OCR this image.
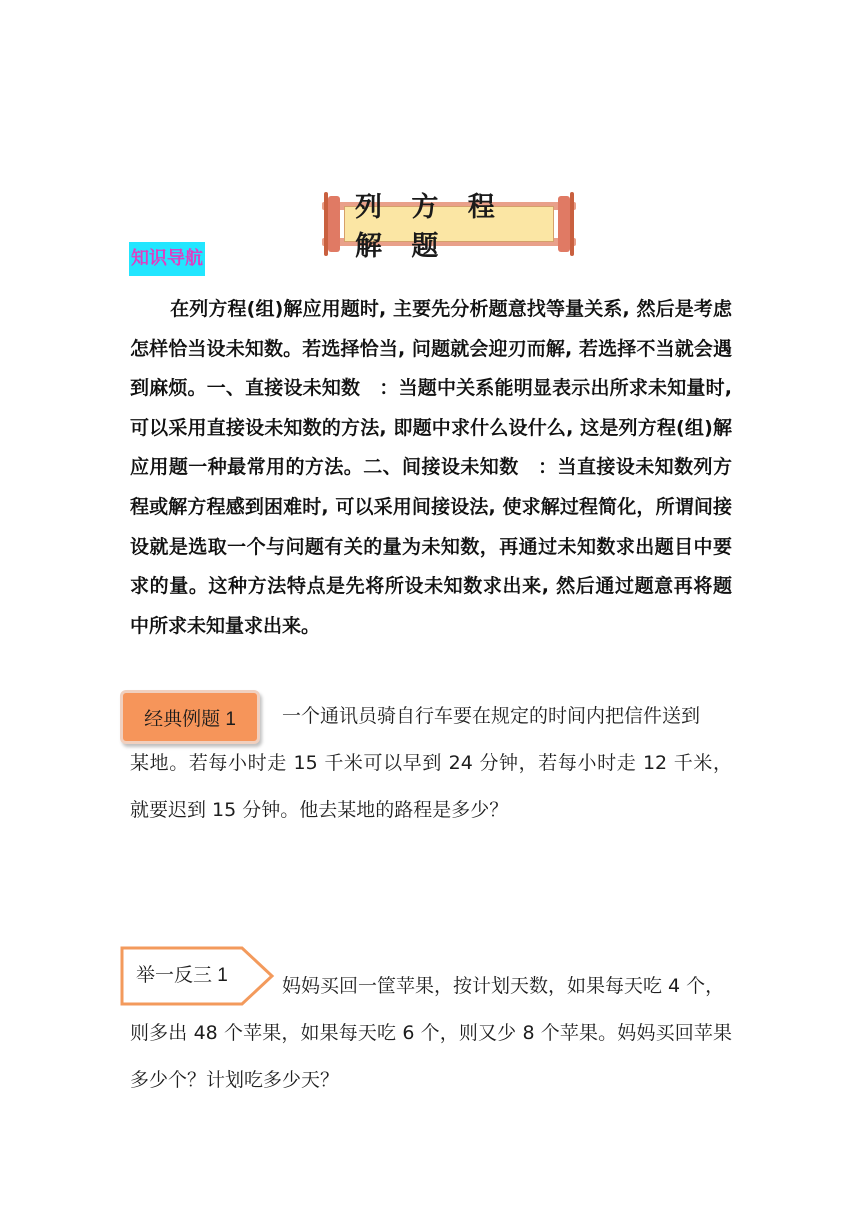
列 方 程 解 题
知识导航
在列方程(组)解应用题时, 主要先分析题意找等量关系, 然后是考虑怎样恰当设未知数。若选择恰当, 问题就会迎刃而解, 若选择不当就会遇到麻烦。一、直接设未知数　：当题中关系能明显表示出所求未知量时, 可以采用直接设未知数的方法, 即题中求什么设什么, 这是列方程(组)解应用题一种最常用的方法。二、间接设未知数　：当直接设未知数列方程或解方程感到困难时, 可以采用间接设法, 使求解过程简化，所谓间接设就是选取一个与问题有关的量为未知数，再通过未知数求出题目中要求的量。这种方法特点是先将所设未知数求出来, 然后通过题意再将题中所求未知量求出来。
经典例题 1 一个通讯员骑自行车要在规定的时间内把信件送到
某地。若每小时走 15 千米可以早到 24 分钟，若每小时走 12 千米，就要迟到 15 分钟。他去某地的路程是多少？
举一反三 1	妈妈买回一筐苹果，按计划天数，如果每天吃 4 个，
则多出 48 个苹果，如果每天吃 6 个，则又少 8 个苹果。妈妈买回苹果多少个？计划吃多少天？
